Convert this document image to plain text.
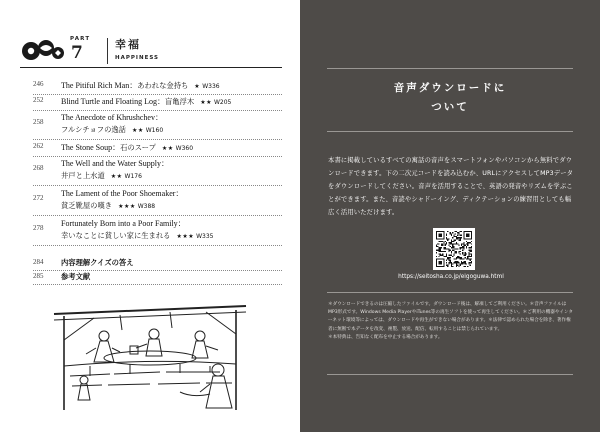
PART
7	幸福
HAPPINESS
246	The Pitiful Rich Man：あわれな金持ち ★ W336
252	Blind Turtle and Floating Log：盲亀浮木 ★★ W205
258	The Anecdote of Khrushchev：
フルシチョフの逸話 ★★ W160
262	The Stone Soup：石のスープ ★★ W360
268	The Well and the Water Supply：
井戸と上水道 ★★ W176
272	The Lament of the Poor Shoemaker：
貧乏靴屋の嘆き ★★★ W388
278	Fortunately Born into a Poor Family：
幸いなことに貧しい家に生まれる ★★★ W335
284	内容理解クイズの答え
285	参考文献
音声ダウンロードに
ついて
本書に掲載しているすべての寓話の音声をスマートフォンやパソコンから無料でダウンロードできます。下の二次元コードを読み込むか、URLにアクセスしてMP3データをダウンロードしてください。音声を活用することで、英語の発音やリズムを学ぶことができます。また、音読やシャドーイング、ディクテーションの練習用としても幅広く活用いただけます。
https://seitosha.co.jp/eigoguwa.html

＊ダウンロードできるのは圧縮したファイルです。ダウンロード後は、解凍してご利用ください。＊音声ファイルはMP3形式です。Windows Media PlayerやiTunes等の再生ソフトを使って再生してください。＊ご利用の機器やインターネット環境等によっては、ダウンロードや再生ができない場合があります。＊法律で認められた場合を除き、著作権者に無断で本データを改変、複製、放送、配信、転用することは禁じられています。

＊本特典は、告知なく配布を中止する場合があります。
